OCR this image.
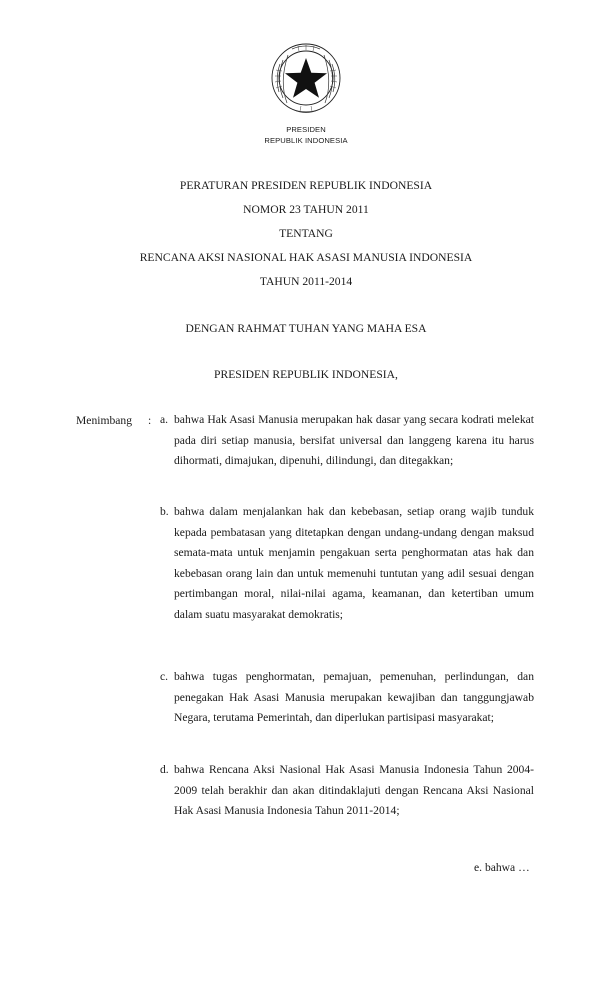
PRESIDEN
REPUBLIK INDONESIA
PERATURAN PRESIDEN REPUBLIK INDONESIA
NOMOR 23 TAHUN 2011
TENTANG
RENCANA AKSI NASIONAL HAK ASASI MANUSIA INDONESIA
TAHUN 2011-2014
DENGAN RAHMAT TUHAN YANG MAHA ESA
PRESIDEN REPUBLIK INDONESIA,
Menimbang : a. bahwa Hak Asasi Manusia merupakan hak dasar yang secara kodrati melekat pada diri setiap manusia, bersifat universal dan langgeng karena itu harus dihormati, dimajukan, dipenuhi, dilindungi, dan ditegakkan;
b. bahwa dalam menjalankan hak dan kebebasan, setiap orang wajib tunduk kepada pembatasan yang ditetapkan dengan undang-undang dengan maksud semata-mata untuk menjamin pengakuan serta penghormatan atas hak dan kebebasan orang lain dan untuk memenuhi tuntutan yang adil sesuai dengan pertimbangan moral, nilai-nilai agama, keamanan, dan ketertiban umum dalam suatu masyarakat demokratis;
c. bahwa tugas penghormatan, pemajuan, pemenuhan, perlindungan, dan penegakan Hak Asasi Manusia merupakan kewajiban dan tanggungjawab Negara, terutama Pemerintah, dan diperlukan partisipasi masyarakat;
d. bahwa Rencana Aksi Nasional Hak Asasi Manusia Indonesia Tahun 2004-2009 telah berakhir dan akan ditindaklajuti dengan Rencana Aksi Nasional Hak Asasi Manusia Indonesia Tahun 2011-2014;
e. bahwa …
